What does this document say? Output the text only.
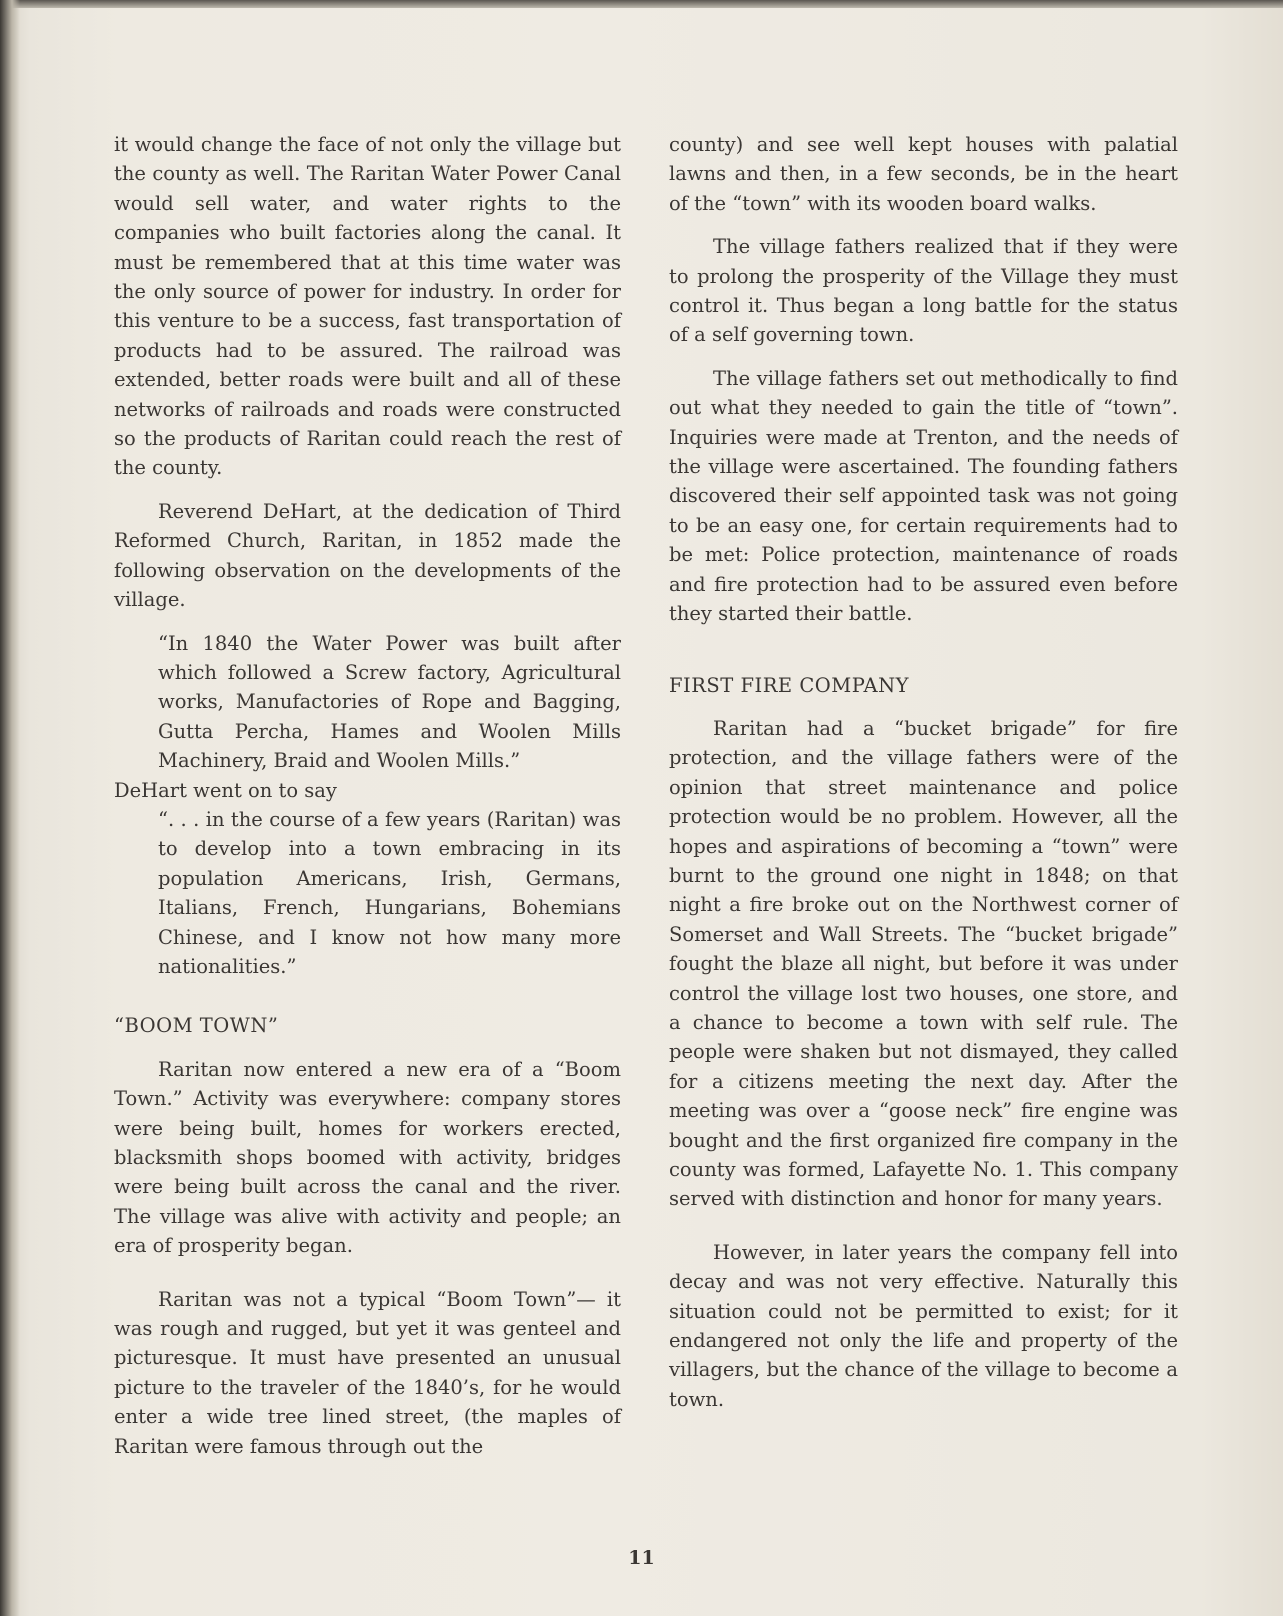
it would change the face of not only the village but the county as well. The Raritan Water Power Canal would sell water, and water rights to the companies who built factories along the canal. It must be remembered that at this time water was the only source of power for industry. In order for this venture to be a success, fast transportation of products had to be assured. The railroad was extended, better roads were built and all of these networks of railroads and roads were constructed so the products of Raritan could reach the rest of the county.

Reverend DeHart, at the dedication of Third Reformed Church, Raritan, in 1852 made the following observation on the developments of the village.

“In 1840 the Water Power was built after which followed a Screw factory, Agricultural works, Manufactories of Rope and Bagging, Gutta Percha, Hames and Woolen Mills Machinery, Braid and Woolen Mills.”

DeHart went on to say

“. . . in the course of a few years (Raritan) was to develop into a town embracing in its population Americans, Irish, Germans, Italians, French, Hungarians, Bohemians Chinese, and I know not how many more nationalities.”

“BOOM TOWN”

Raritan now entered a new era of a “Boom Town.” Activity was everywhere: company stores were being built, homes for workers erected, blacksmith shops boomed with activity, bridges were being built across the canal and the river. The village was alive with activity and people; an era of prosperity began.

Raritan was not a typical “Boom Town”— it was rough and rugged, but yet it was genteel and picturesque. It must have presented an unusual picture to the traveler of the 1840’s, for he would enter a wide tree lined street, (the maples of Raritan were famous through out the

county) and see well kept houses with palatial lawns and then, in a few seconds, be in the heart of the “town” with its wooden board walks.

The village fathers realized that if they were to prolong the prosperity of the Village they must control it. Thus began a long battle for the status of a self governing town.

The village fathers set out methodically to find out what they needed to gain the title of “town”. Inquiries were made at Trenton, and the needs of the village were ascertained. The founding fathers discovered their self appointed task was not going to be an easy one, for certain requirements had to be met: Police protection, maintenance of roads and fire protection had to be assured even before they started their battle.

FIRST FIRE COMPANY

Raritan had a “bucket brigade” for fire protection, and the village fathers were of the opinion that street maintenance and police protection would be no problem. However, all the hopes and aspirations of becoming a “town” were burnt to the ground one night in 1848; on that night a fire broke out on the Northwest corner of Somerset and Wall Streets. The “bucket brigade” fought the blaze all night, but before it was under control the village lost two houses, one store, and a chance to become a town with self rule. The people were shaken but not dismayed, they called for a citizens meeting the next day. After the meeting was over a “goose neck” fire engine was bought and the first organized fire company in the county was formed, Lafayette No. 1. This company served with distinction and honor for many years.

However, in later years the company fell into decay and was not very effective. Naturally this situation could not be permitted to exist; for it endangered not only the life and property of the villagers, but the chance of the village to become a town.

11
